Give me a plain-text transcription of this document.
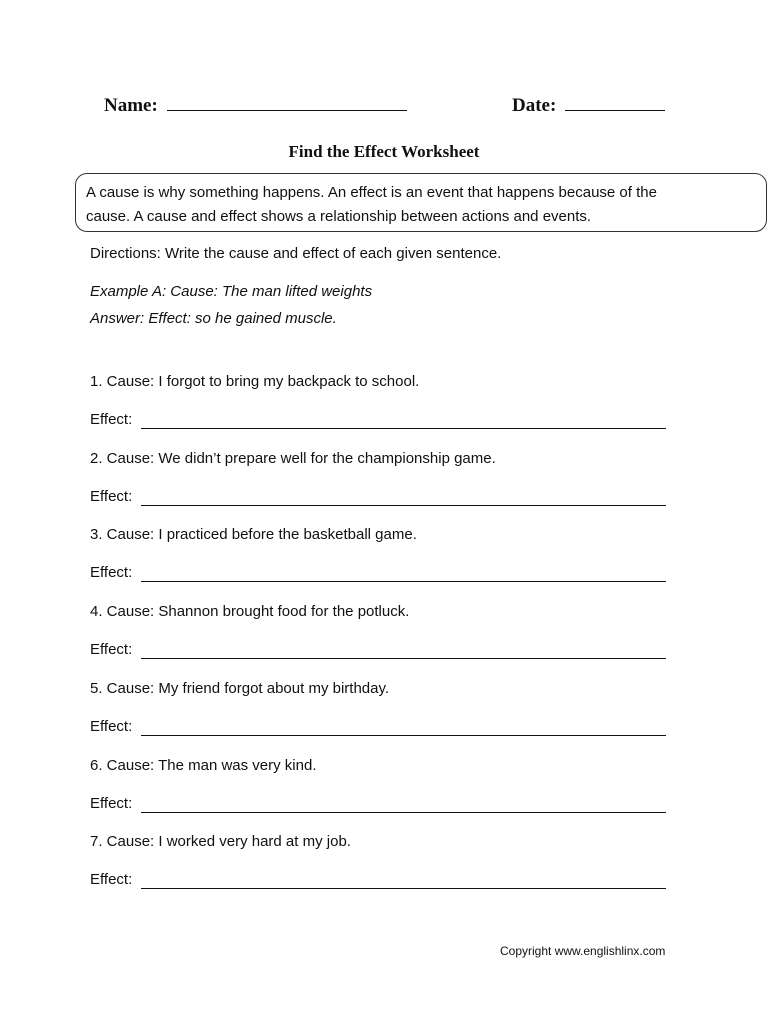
Name:	Date:
Find the Effect Worksheet
A cause is why something happens. An effect is an event that happens because of the
cause. A cause and effect shows a relationship between actions and events.
Directions: Write the cause and effect of each given sentence.
Example A: Cause: The man lifted weights
Answer: Effect: so he gained muscle.
1. Cause: I forgot to bring my backpack to school.
Effect:
2. Cause: We didn’t prepare well for the championship game.
Effect:
3. Cause: I practiced before the basketball game.
Effect:
4. Cause: Shannon brought food for the potluck.
Effect:
5. Cause: My friend forgot about my birthday.
Effect:
6. Cause: The man was very kind.
Effect:
7. Cause: I worked very hard at my job.
Effect:
Copyright www.englishlinx.com
